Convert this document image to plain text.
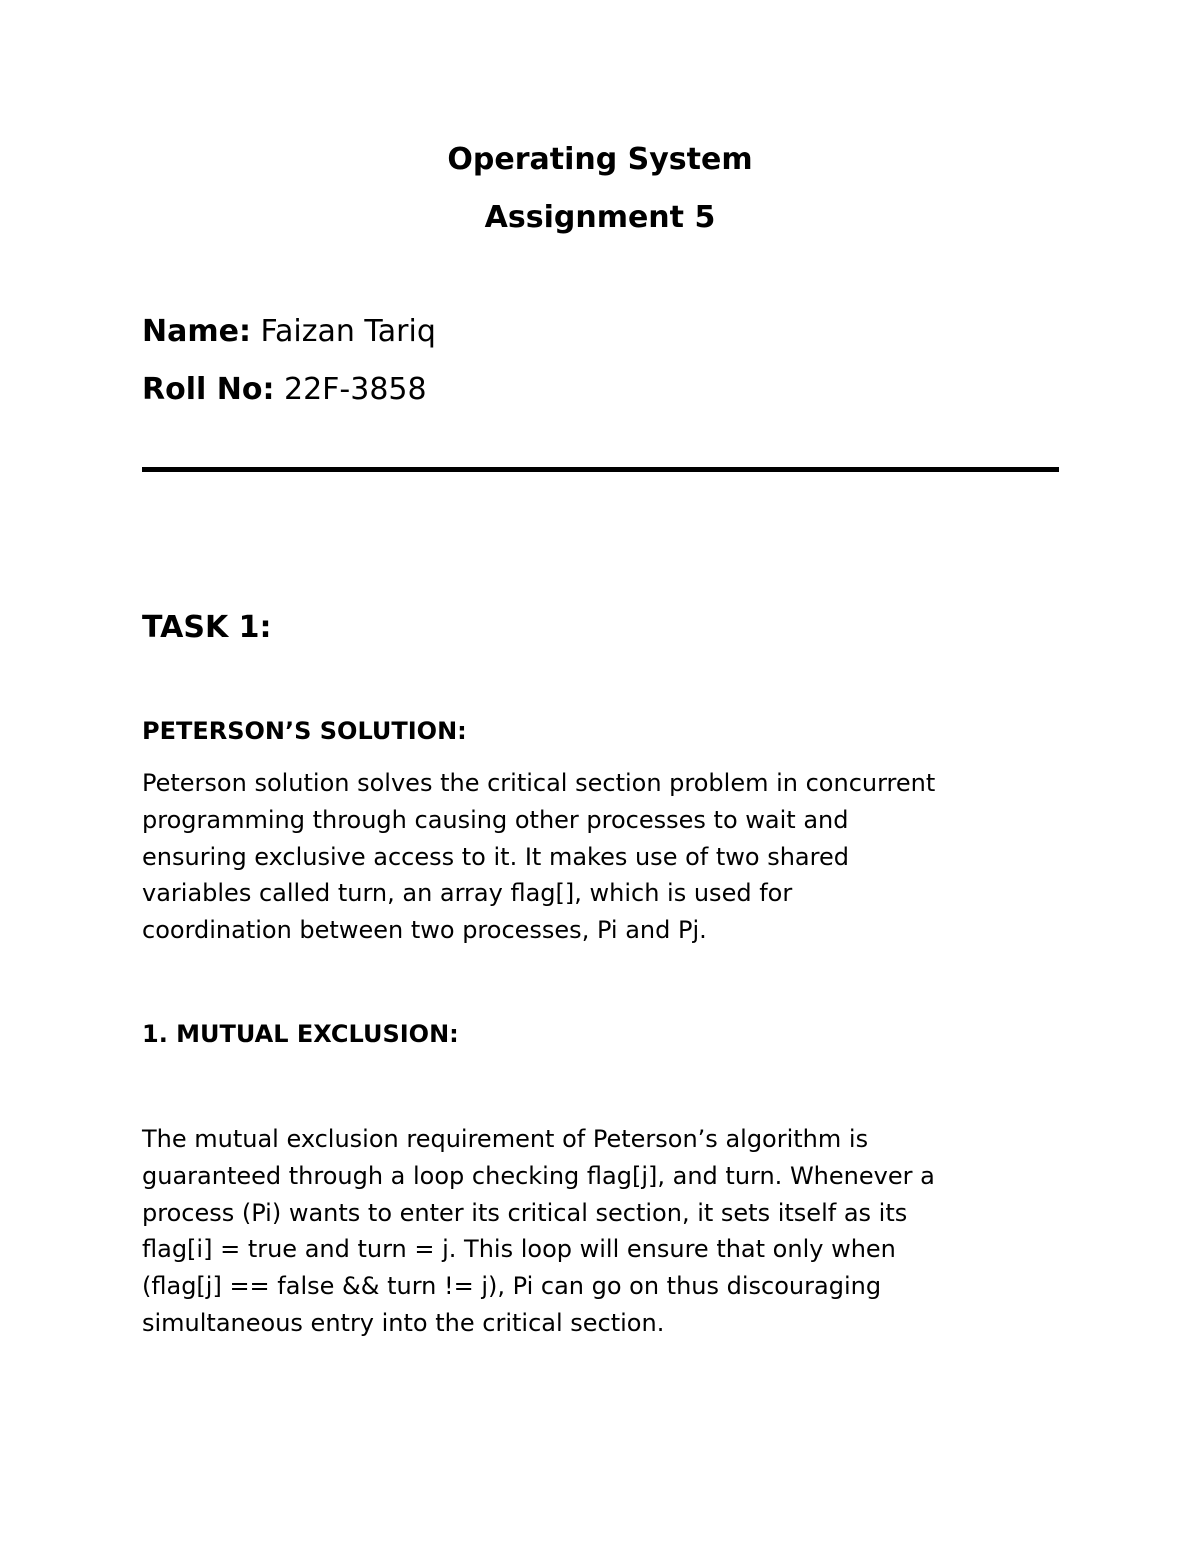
Operating System
Assignment 5

Name: Faizan Tariq

Roll No: 22F-3858

TASK 1:
PETERSON’S SOLUTION:

Peterson solution solves the critical section problem in concurrent
programming through causing other processes to wait and
ensuring exclusive access to it. It makes use of two shared
variables called turn, an array flag[], which is used for
coordination between two processes, Pi and Pj.

1. MUTUAL EXCLUSION:

The mutual exclusion requirement of Peterson’s algorithm is
guaranteed through a loop checking flag[j], and turn. Whenever a
process (Pi) wants to enter its critical section, it sets itself as its
flag[i] = true and turn = j. This loop will ensure that only when
(flag[j] == false && turn != j), Pi can go on thus discouraging
simultaneous entry into the critical section.
